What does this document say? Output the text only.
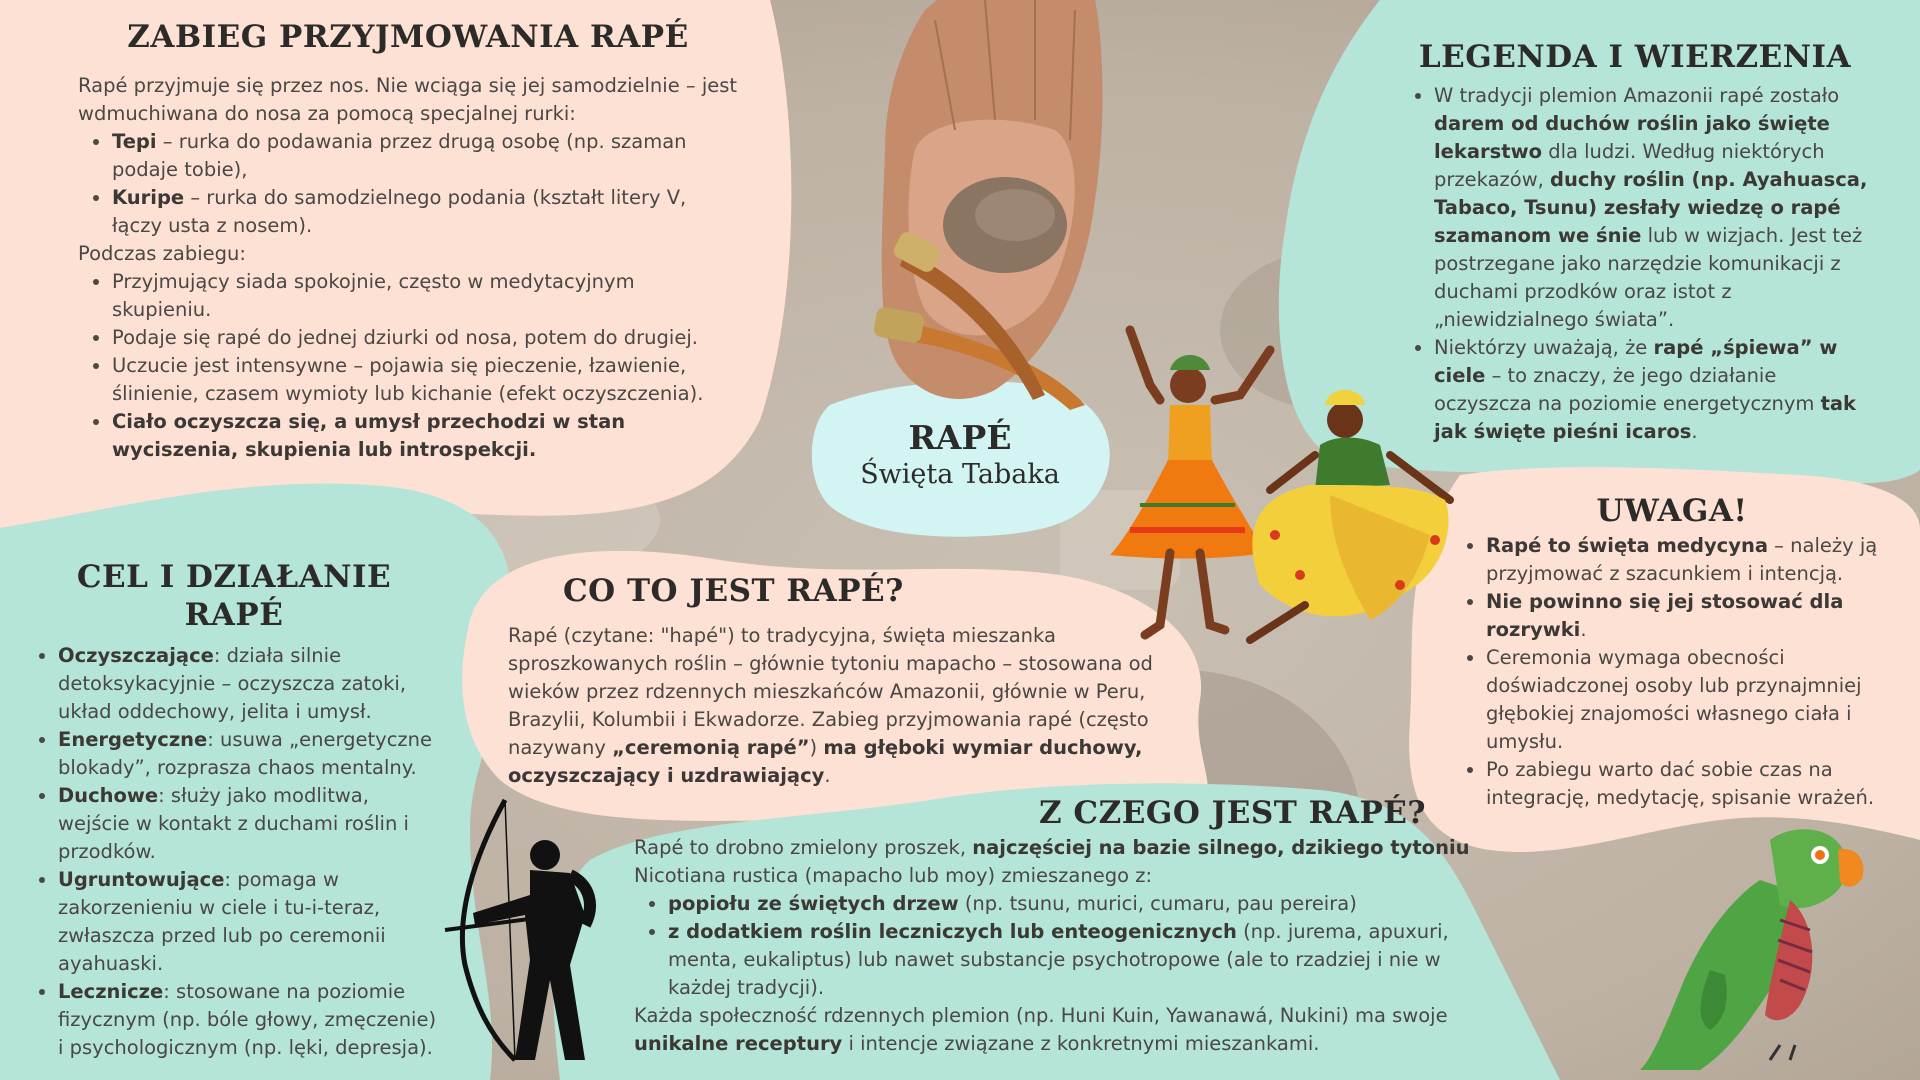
RAPÉ
Święta Tabaka
ZABIEG PRZYJMOWANIA RAPÉ

Rapé przyjmuje się przez nos. Nie wciąga się jej samodzielnie – jest wdmuchiwana do nosa za pomocą specjalnej rurki:

• Tepi – rurka do podawania przez drugą osobę (np. szaman podaje tobie),
• Kuripe – rurka do samodzielnego podania (kształt litery V, łączy usta z nosem).

Podczas zabiegu:

• Przyjmujący siada spokojnie, często w medytacyjnym skupieniu.
• Podaje się rapé do jednej dziurki od nosa, potem do drugiej.
• Uczucie jest intensywne – pojawia się pieczenie, łzawienie, ślinienie, czasem wymioty lub kichanie (efekt oczyszczenia).
• Ciało oczyszcza się, a umysł przechodzi w stan wyciszenia, skupienia lub introspekcji.
LEGENDA I WIERZENIA
• W tradycji plemion Amazonii rapé zostało darem od duchów roślin jako święte lekarstwo dla ludzi. Według niektórych przekazów, duchy roślin (np. Ayahuasca, Tabaco, Tsunu) zesłały wiedzę o rapé szamanom we śnie lub w wizjach. Jest też postrzegane jako narzędzie komunikacji z duchami przodków oraz istot z „niewidzialnego świata”.
• Niektórzy uważają, że rapé „śpiewa” w ciele – to znaczy, że jego działanie oczyszcza na poziomie energetycznym tak jak święte pieśni icaros.
CEL I DZIAŁANIE RAPÉ
• Oczyszczające: działa silnie detoksykacyjnie – oczyszcza zatoki, układ oddechowy, jelita i umysł.
• Energetyczne: usuwa „energetyczne blokady”, rozprasza chaos mentalny.
• Duchowe: służy jako modlitwa, wejście w kontakt z duchami roślin i przodków.
• Ugruntowujące: pomaga w zakorzenieniu w ciele i tu-i-teraz, zwłaszcza przed lub po ceremonii ayahuaski.
• Lecznicze: stosowane na poziomie fizycznym (np. bóle głowy, zmęczenie) i psychologicznym (np. lęki, depresja).
CO TO JEST RAPÉ?

Rapé (czytane: "hapé") to tradycyjna, święta mieszanka sproszkowanych roślin – głównie tytoniu mapacho – stosowana od wieków przez rdzennych mieszkańców Amazonii, głównie w Peru, Brazylii, Kolumbii i Ekwadorze. Zabieg przyjmowania rapé (często nazywany „ceremonią rapé”) ma głęboki wymiar duchowy, oczyszczający i uzdrawiający.

UWAGA!
• Rapé to święta medycyna – należy ją przyjmować z szacunkiem i intencją.
• Nie powinno się jej stosować dla rozrywki.
• Ceremonia wymaga obecności doświadczonej osoby lub przynajmniej głębokiej znajomości własnego ciała i umysłu.
• Po zabiegu warto dać sobie czas na integrację, medytację, spisanie wrażeń.
Z CZEGO JEST RAPÉ?

Rapé to drobno zmielony proszek, najczęściej na bazie silnego, dzikiego tytoniu Nicotiana rustica (mapacho lub moy) zmieszanego z:

• popiołu ze świętych drzew (np. tsunu, murici, cumaru, pau pereira)
• z dodatkiem roślin leczniczych lub enteogenicznych (np. jurema, apuxuri, menta, eukaliptus) lub nawet substancje psychotropowe (ale to rzadziej i nie w każdej tradycji).

Każda społeczność rdzennych plemion (np. Huni Kuin, Yawanawá, Nukini) ma swoje unikalne receptury i intencje związane z konkretnymi mieszankami.
